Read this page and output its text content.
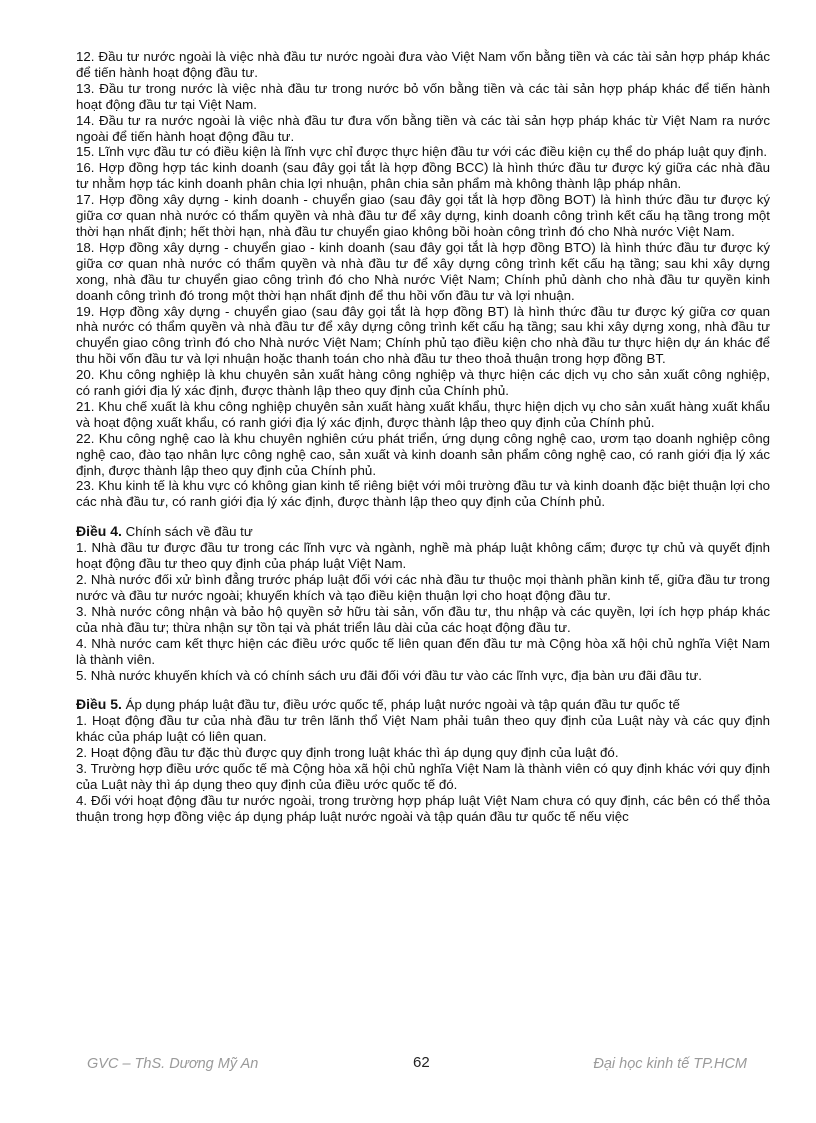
12. Đầu tư nước ngoài là việc nhà đầu tư nước ngoài đưa vào Việt Nam vốn bằng tiền và các tài sản hợp pháp khác để tiến hành hoạt động đầu tư.

13. Đầu tư trong nước là việc nhà đầu tư trong nước bỏ vốn bằng tiền và các tài sản hợp pháp khác để tiến hành hoạt động đầu tư tại Việt Nam.

14. Đầu tư ra nước ngoài là việc nhà đầu tư đưa vốn bằng tiền và các tài sản hợp pháp khác từ Việt Nam ra nước ngoài để tiến hành hoạt động đầu tư.

15. Lĩnh vực đầu tư có điều kiện là lĩnh vực chỉ được thực hiện đầu tư với các điều kiện cụ thể do pháp luật quy định.

16. Hợp đồng hợp tác kinh doanh (sau đây gọi tắt là hợp đồng BCC) là hình thức đầu tư được ký giữa các nhà đầu tư nhằm hợp tác kinh doanh phân chia lợi nhuận, phân chia sản phẩm mà không thành lập pháp nhân.

17. Hợp đồng xây dựng - kinh doanh - chuyển giao (sau đây gọi tắt là hợp đồng BOT) là hình thức đầu tư được ký giữa cơ quan nhà nước có thẩm quyền và nhà đầu tư để xây dựng, kinh doanh công trình kết cấu hạ tầng trong một thời hạn nhất định; hết thời hạn, nhà đầu tư chuyển giao không bồi hoàn công trình đó cho Nhà nước Việt Nam.

18. Hợp đồng xây dựng - chuyển giao - kinh doanh (sau đây gọi tắt là hợp đồng BTO) là hình thức đầu tư được ký giữa cơ quan nhà nước có thẩm quyền và nhà đầu tư để xây dựng công trình kết cấu hạ tầng; sau khi xây dựng xong, nhà đầu tư chuyển giao công trình đó cho Nhà nước Việt Nam; Chính phủ dành cho nhà đầu tư quyền kinh doanh công trình đó trong một thời hạn nhất định để thu hồi vốn đầu tư và lợi nhuận.

19. Hợp đồng xây dựng - chuyển giao (sau đây gọi tắt là hợp đồng BT) là hình thức đầu tư được ký giữa cơ quan nhà nước có thẩm quyền và nhà đầu tư để xây dựng công trình kết cấu hạ tầng; sau khi xây dựng xong, nhà đầu tư chuyển giao công trình đó cho Nhà nước Việt Nam; Chính phủ tạo điều kiện cho nhà đầu tư thực hiện dự án khác để thu hồi vốn đầu tư và lợi nhuận hoặc thanh toán cho nhà đầu tư theo thoả thuận trong hợp đồng BT.

20. Khu công nghiệp là khu chuyên sản xuất hàng công nghiệp và thực hiện các dịch vụ cho sản xuất công nghiệp, có ranh giới địa lý xác định, được thành lập theo quy định của Chính phủ.

21. Khu chế xuất là khu công nghiệp chuyên sản xuất hàng xuất khẩu, thực hiện dịch vụ cho sản xuất hàng xuất khẩu và hoạt động xuất khẩu, có ranh giới địa lý xác định, được thành lập theo quy định của Chính phủ.

22. Khu công nghệ cao là khu chuyên nghiên cứu phát triển, ứng dụng công nghệ cao, ươm tạo doanh nghiệp công nghệ cao, đào tạo nhân lực công nghệ cao, sản xuất và kinh doanh sản phẩm công nghệ cao, có ranh giới địa lý xác định, được thành lập theo quy định của Chính phủ.

23. Khu kinh tế là khu vực có không gian kinh tế riêng biệt với môi trường đầu tư và kinh doanh đặc biệt thuận lợi cho các nhà đầu tư, có ranh giới địa lý xác định, được thành lập theo quy định của Chính phủ.

Điều 4. Chính sách về đầu tư

1. Nhà đầu tư được đầu tư trong các lĩnh vực và ngành, nghề mà pháp luật không cấm; được tự chủ và quyết định hoạt động đầu tư theo quy định của pháp luật Việt Nam.

2. Nhà nước đối xử bình đẳng trước pháp luật đối với các nhà đầu tư thuộc mọi thành phần kinh tế, giữa đầu tư trong nước và đầu tư nước ngoài; khuyến khích và tạo điều kiện thuận lợi cho hoạt động đầu tư.

3. Nhà nước công nhận và bảo hộ quyền sở hữu tài sản, vốn đầu tư, thu nhập và các quyền, lợi ích hợp pháp khác của nhà đầu tư; thừa nhận sự tồn tại và phát triển lâu dài của các hoạt động đầu tư.

4. Nhà nước cam kết thực hiện các điều ước quốc tế liên quan đến đầu tư mà Cộng hòa xã hội chủ nghĩa Việt Nam là thành viên.

5. Nhà nước khuyến khích và có chính sách ưu đãi đối với đầu tư vào các lĩnh vực, địa bàn ưu đãi đầu tư.

Điều 5. Áp dụng pháp luật đầu tư, điều ước quốc tế, pháp luật nước ngoài và tập quán đầu tư quốc tế

1. Hoạt động đầu tư của nhà đầu tư trên lãnh thổ Việt Nam phải tuân theo quy định của Luật này và các quy định khác của pháp luật có liên quan.

2. Hoạt động đầu tư đặc thù được quy định trong luật khác thì áp dụng quy định của luật đó.

3. Trường hợp điều ước quốc tế mà Cộng hòa xã hội chủ nghĩa Việt Nam là thành viên có quy định khác với quy định của Luật này thì áp dụng theo quy định của điều ước quốc tế đó.

4. Đối với hoạt động đầu tư nước ngoài, trong trường hợp pháp luật Việt Nam chưa có quy định, các bên có thể thỏa thuận trong hợp đồng việc áp dụng pháp luật nước ngoài và tập quán đầu tư quốc tế nếu việc

GVC – ThS. Dương Mỹ An	62	Đại học kinh tế TP.HCM
